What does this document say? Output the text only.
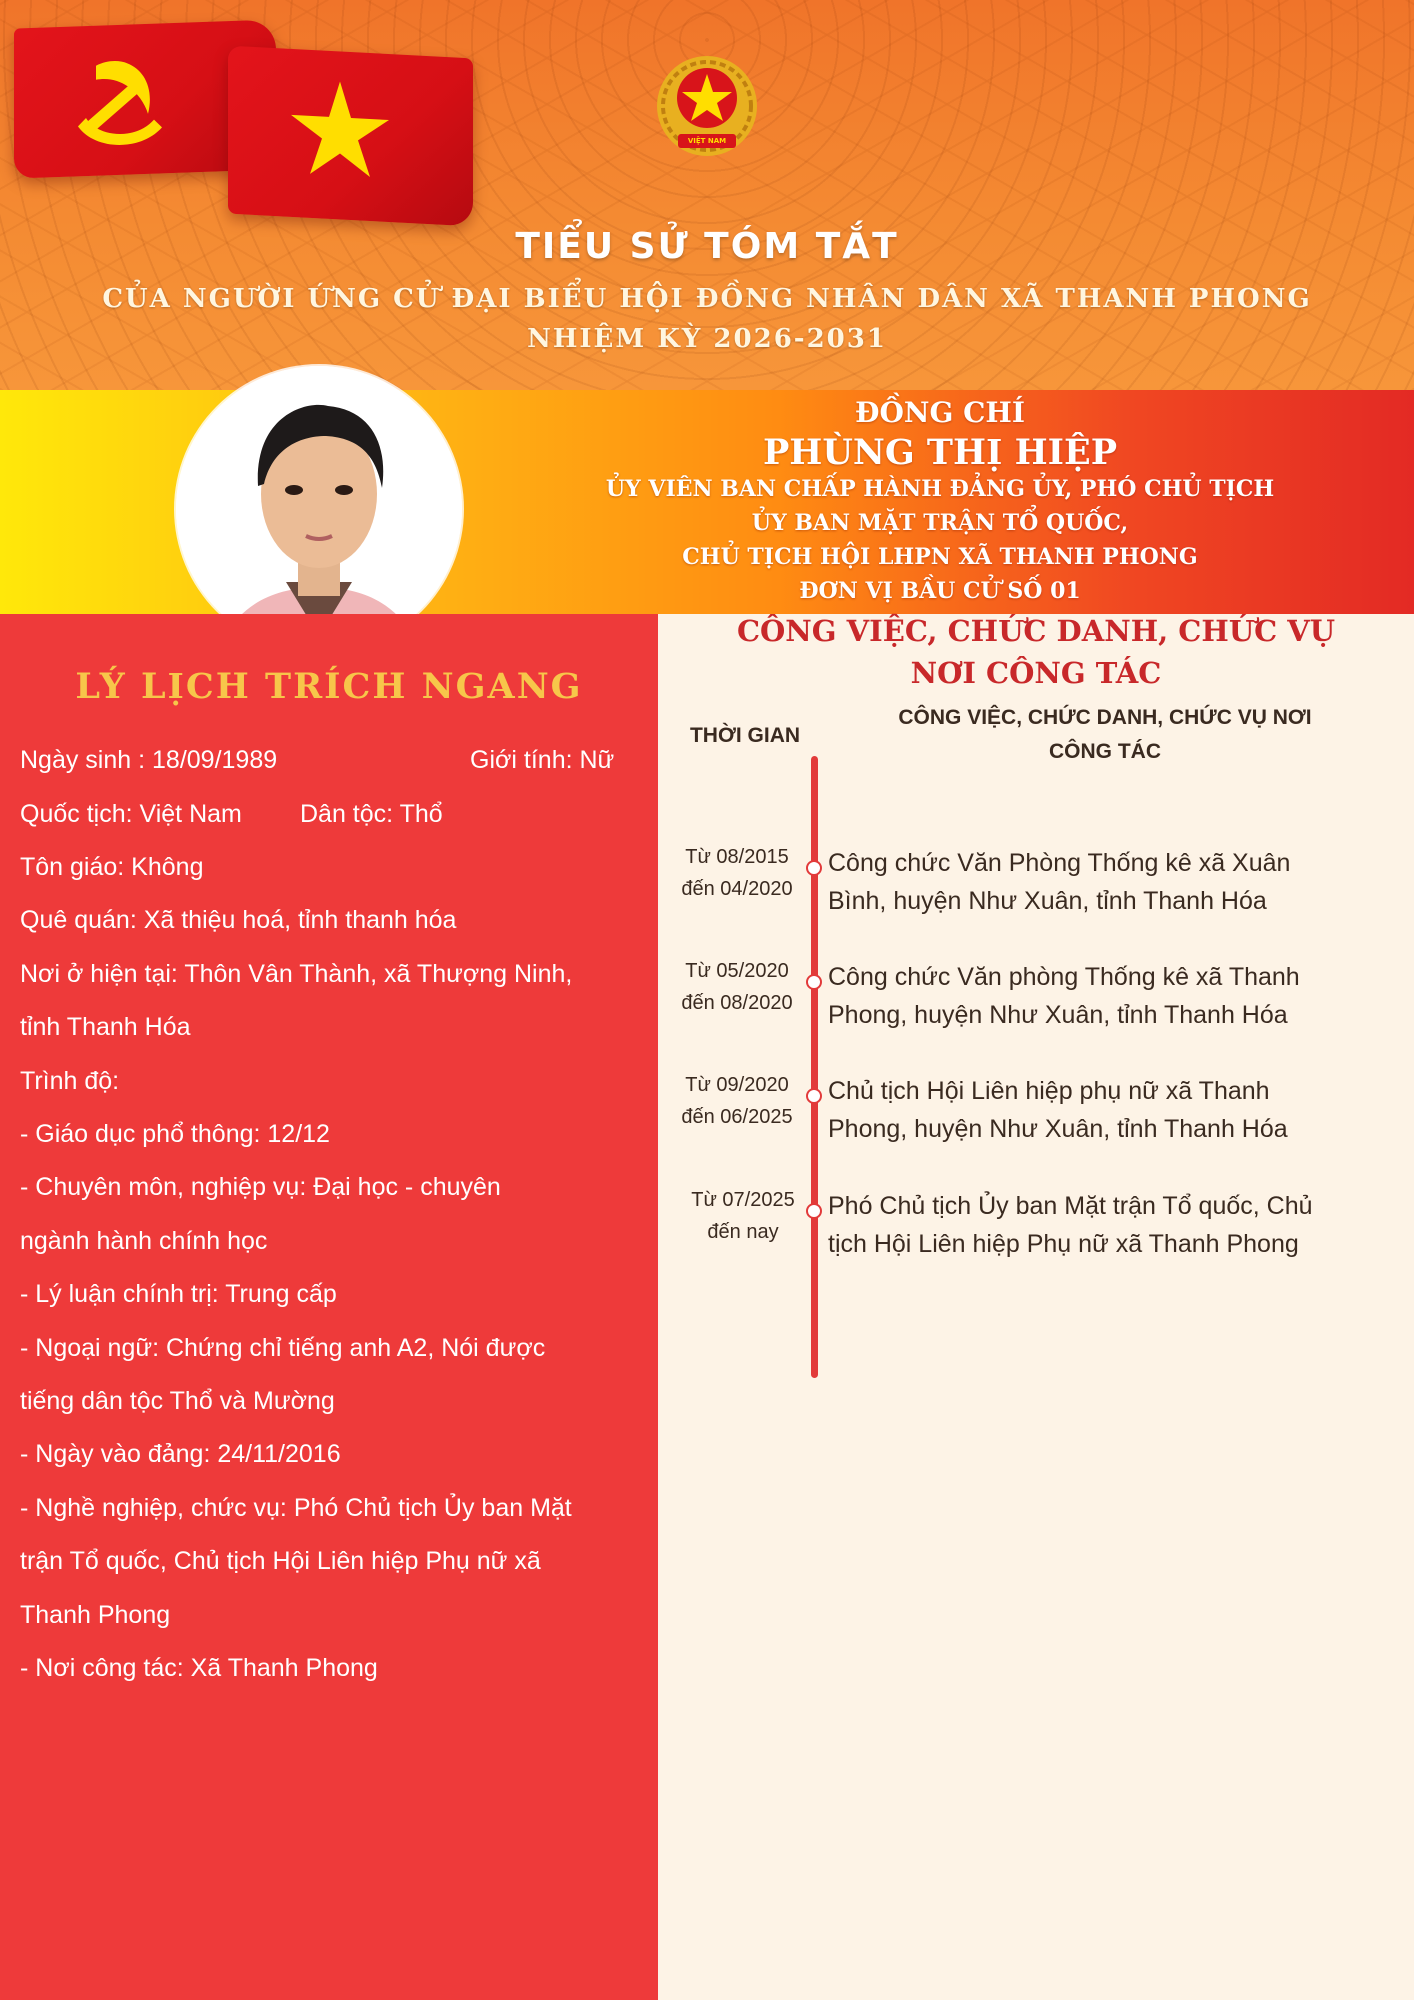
VIỆT NAM
TIỂU SỬ TÓM TẮT
CỦA NGƯỜI ỨNG CỬ ĐẠI BIỂU HỘI ĐỒNG NHÂN DÂN XÃ THANH PHONG
NHIỆM KỲ 2026-2031
ĐỒNG CHÍ
PHÙNG THỊ HIỆP
ỦY VIÊN BAN CHẤP HÀNH ĐẢNG ỦY, PHÓ CHỦ TỊCH
ỦY BAN MẶT TRẬN TỔ QUỐC,
CHỦ TỊCH HỘI LHPN XÃ THANH PHONG
ĐƠN VỊ BẦU CỬ SỐ 01
LÝ LỊCH TRÍCH NGANG
Ngày sinh : 18/09/1989	Giới tính: Nữ
Quốc tịch: Việt Nam Dân tộc: Thổ
Tôn giáo: Không
Quê quán: Xã thiệu hoá, tỉnh thanh hóa
Nơi ở hiện tại: Thôn Vân Thành, xã Thượng Ninh,
tỉnh Thanh Hóa
Trình độ:
- Giáo dục phổ thông: 12/12
- Chuyên môn, nghiệp vụ: Đại học - chuyên
ngành hành chính học
- Lý luận chính trị: Trung cấp
- Ngoại ngữ: Chứng chỉ tiếng anh A2, Nói được
tiếng dân tộc Thổ và Mường
- Ngày vào đảng: 24/11/2016
- Nghề nghiệp, chức vụ: Phó Chủ tịch Ủy ban Mặt
trận Tổ quốc, Chủ tịch Hội Liên hiệp Phụ nữ xã
Thanh Phong
- Nơi công tác: Xã Thanh Phong
CÔNG VIỆC, CHỨC DANH, CHỨC VỤ
NƠI CÔNG TÁC
THỜI GIAN
CÔNG VIỆC, CHỨC DANH, CHỨC VỤ NƠI
CÔNG TÁC
Từ 08/2015
đến 04/2020
Công chức Văn Phòng Thống kê xã Xuân
Bình, huyện Như Xuân, tỉnh Thanh Hóa
Từ 05/2020
đến 08/2020
Công chức Văn phòng Thống kê xã Thanh
Phong, huyện Như Xuân, tỉnh Thanh Hóa
Từ 09/2020
đến 06/2025
Chủ tịch Hội Liên hiệp phụ nữ xã Thanh
Phong, huyện Như Xuân, tỉnh Thanh Hóa
Từ 07/2025
đến nay
Phó Chủ tịch Ủy ban Mặt trận Tổ quốc, Chủ
tịch Hội Liên hiệp Phụ nữ xã Thanh Phong
